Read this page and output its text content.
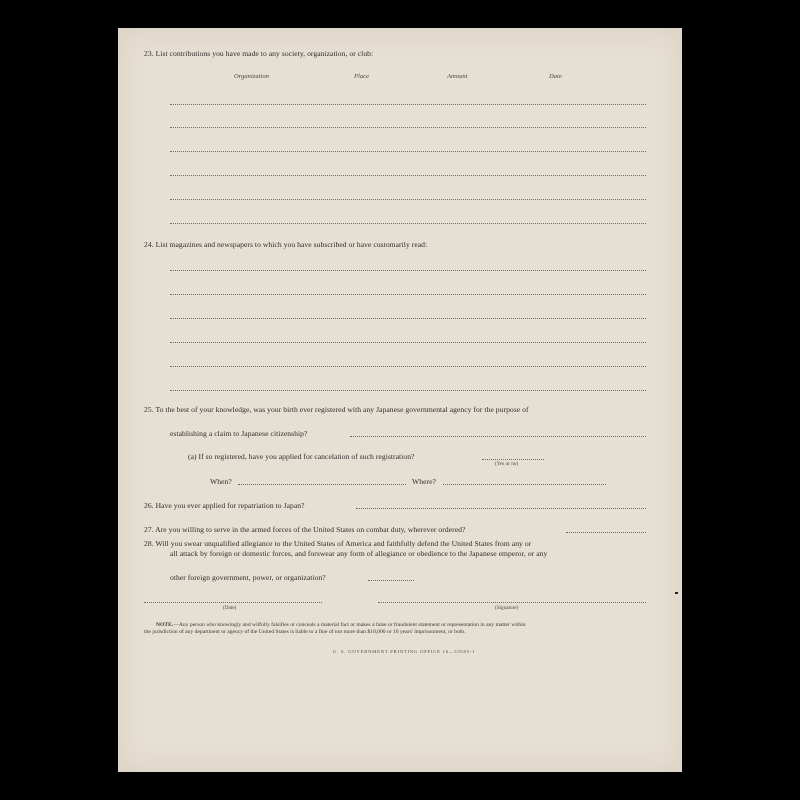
23. List contributions you have made to any society, organization, or club:
Organization	Place	Amount	Date
24. List magazines and newspapers to which you have subscribed or have customarily read:
25. To the best of your knowledge, was your birth ever registered with any Japanese governmental agency for the purpose of
establishing a claim to Japanese citizenship?
(a) If so registered, have you applied for cancelation of such registration?
(Yes or no)
When?	Where?
26. Have you ever applied for repatriation to Japan?
27. Are you willing to serve in the armed forces of the United States on combat duty, wherever ordered?
28. Will you swear unqualified allegiance to the United States of America and faithfully defend the United States from any or
all attack by foreign or domestic forces, and forswear any form of allegiance or obedience to the Japanese emperor, or any
other foreign government, power, or organization?
(Date)	(Signature)
NOTE.—Any person who knowingly and wilfully falsifies or conceals a material fact or makes a false or fraudulent statement or representation in any matter within
the jurisdiction of any department or agency of the United States is liable to a fine of not more than $10,000 or 10 years' imprisonment, or both.
U. S. GOVERNMENT PRINTING OFFICE 16—33565-1
